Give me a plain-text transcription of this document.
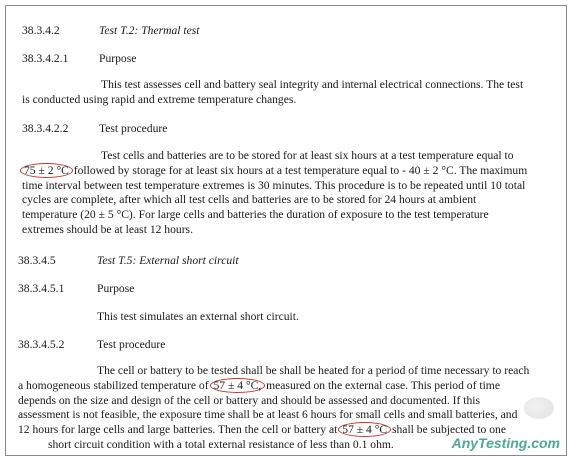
38.3.4.2	Test T.2: Thermal test
38.3.4.2.1	Purpose
This test assesses cell and battery seal integrity and internal electrical connections. The test
is conducted using rapid and extreme temperature changes.
38.3.4.2.2	Test procedure
Test cells and batteries are to be stored for at least six hours at a test temperature equal to
75 ± 2 °C followed by storage for at least six hours at a test temperature equal to - 40 ± 2 °C. The maximum
time interval between test temperature extremes is 30 minutes. This procedure is to be repeated until 10 total
cycles are complete, after which all test cells and batteries are to be stored for 24 hours at ambient
temperature (20 ± 5 °C). For large cells and batteries the duration of exposure to the test temperature
extremes should be at least 12 hours.
38.3.4.5	Test T.5: External short circuit
38.3.4.5.1	Purpose
This test simulates an external short circuit.
38.3.4.5.2	Test procedure
The cell or battery to be tested shall be shall be heated for a period of time necessary to reach
a homogeneous stabilized temperature of 57 ± 4 °C, measured on the external case. This period of time
depends on the size and design of the cell or battery and should be assessed and documented. If this
assessment is not feasible, the exposure time shall be at least 6 hours for small cells and small batteries, and
12 hours for large cells and large batteries. Then the cell or battery at 57 ± 4 °C shall be subjected to one
short circuit condition with a total external resistance of less than 0.1 ohm.	AnyTesting.com
